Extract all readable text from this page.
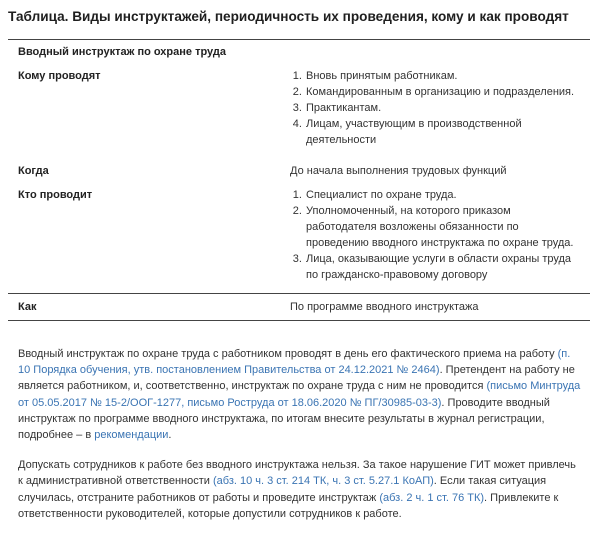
Таблица. Виды инструктажей, периодичность их проведения, кому и как проводят
Вводный инструктаж по охране труда
Кому проводят	1. Вновь принятым работникам.
2. Командированным в организацию и подразделения.
3. Практикантам.
4. Лицам, участвующим в производственной деятельности
Когда	До начала выполнения трудовых функций
Кто проводит	1. Специалист по охране труда.
2. Уполномоченный, на которого приказом работодателя возложены обязанности по проведению вводного инструктажа по охране труда.
3. Лица, оказывающие услуги в области охраны труда по гражданско-правовому договору
Как	По программе вводного инструктажа

Вводный инструктаж по охране труда с работником проводят в день его фактического приема на работу (п. 10 Порядка обучения, утв. постановлением Правительства от 24.12.2021 № 2464). Претендент на работу не является работником, и, соответственно, инструктаж по охране труда с ним не проводится (письмо Минтруда от 05.05.2017 № 15-2/ООГ-1277, письмо Роструда от 18.06.2020 № ПГ/30985-03-3). Проводите вводный инструктаж по программе вводного инструктажа, по итогам внесите результаты в журнал регистрации, подробнее – в рекомендации.

Допускать сотрудников к работе без вводного инструктажа нельзя. За такое нарушение ГИТ может привлечь к административной ответственности (абз. 10 ч. 3 ст. 214 ТК, ч. 3 ст. 5.27.1 КоАП). Если такая ситуация случилась, отстраните работников от работы и проведите инструктаж (абз. 2 ч. 1 ст. 76 ТК). Привлеките к ответственности руководителей, которые допустили сотрудников к работе.
